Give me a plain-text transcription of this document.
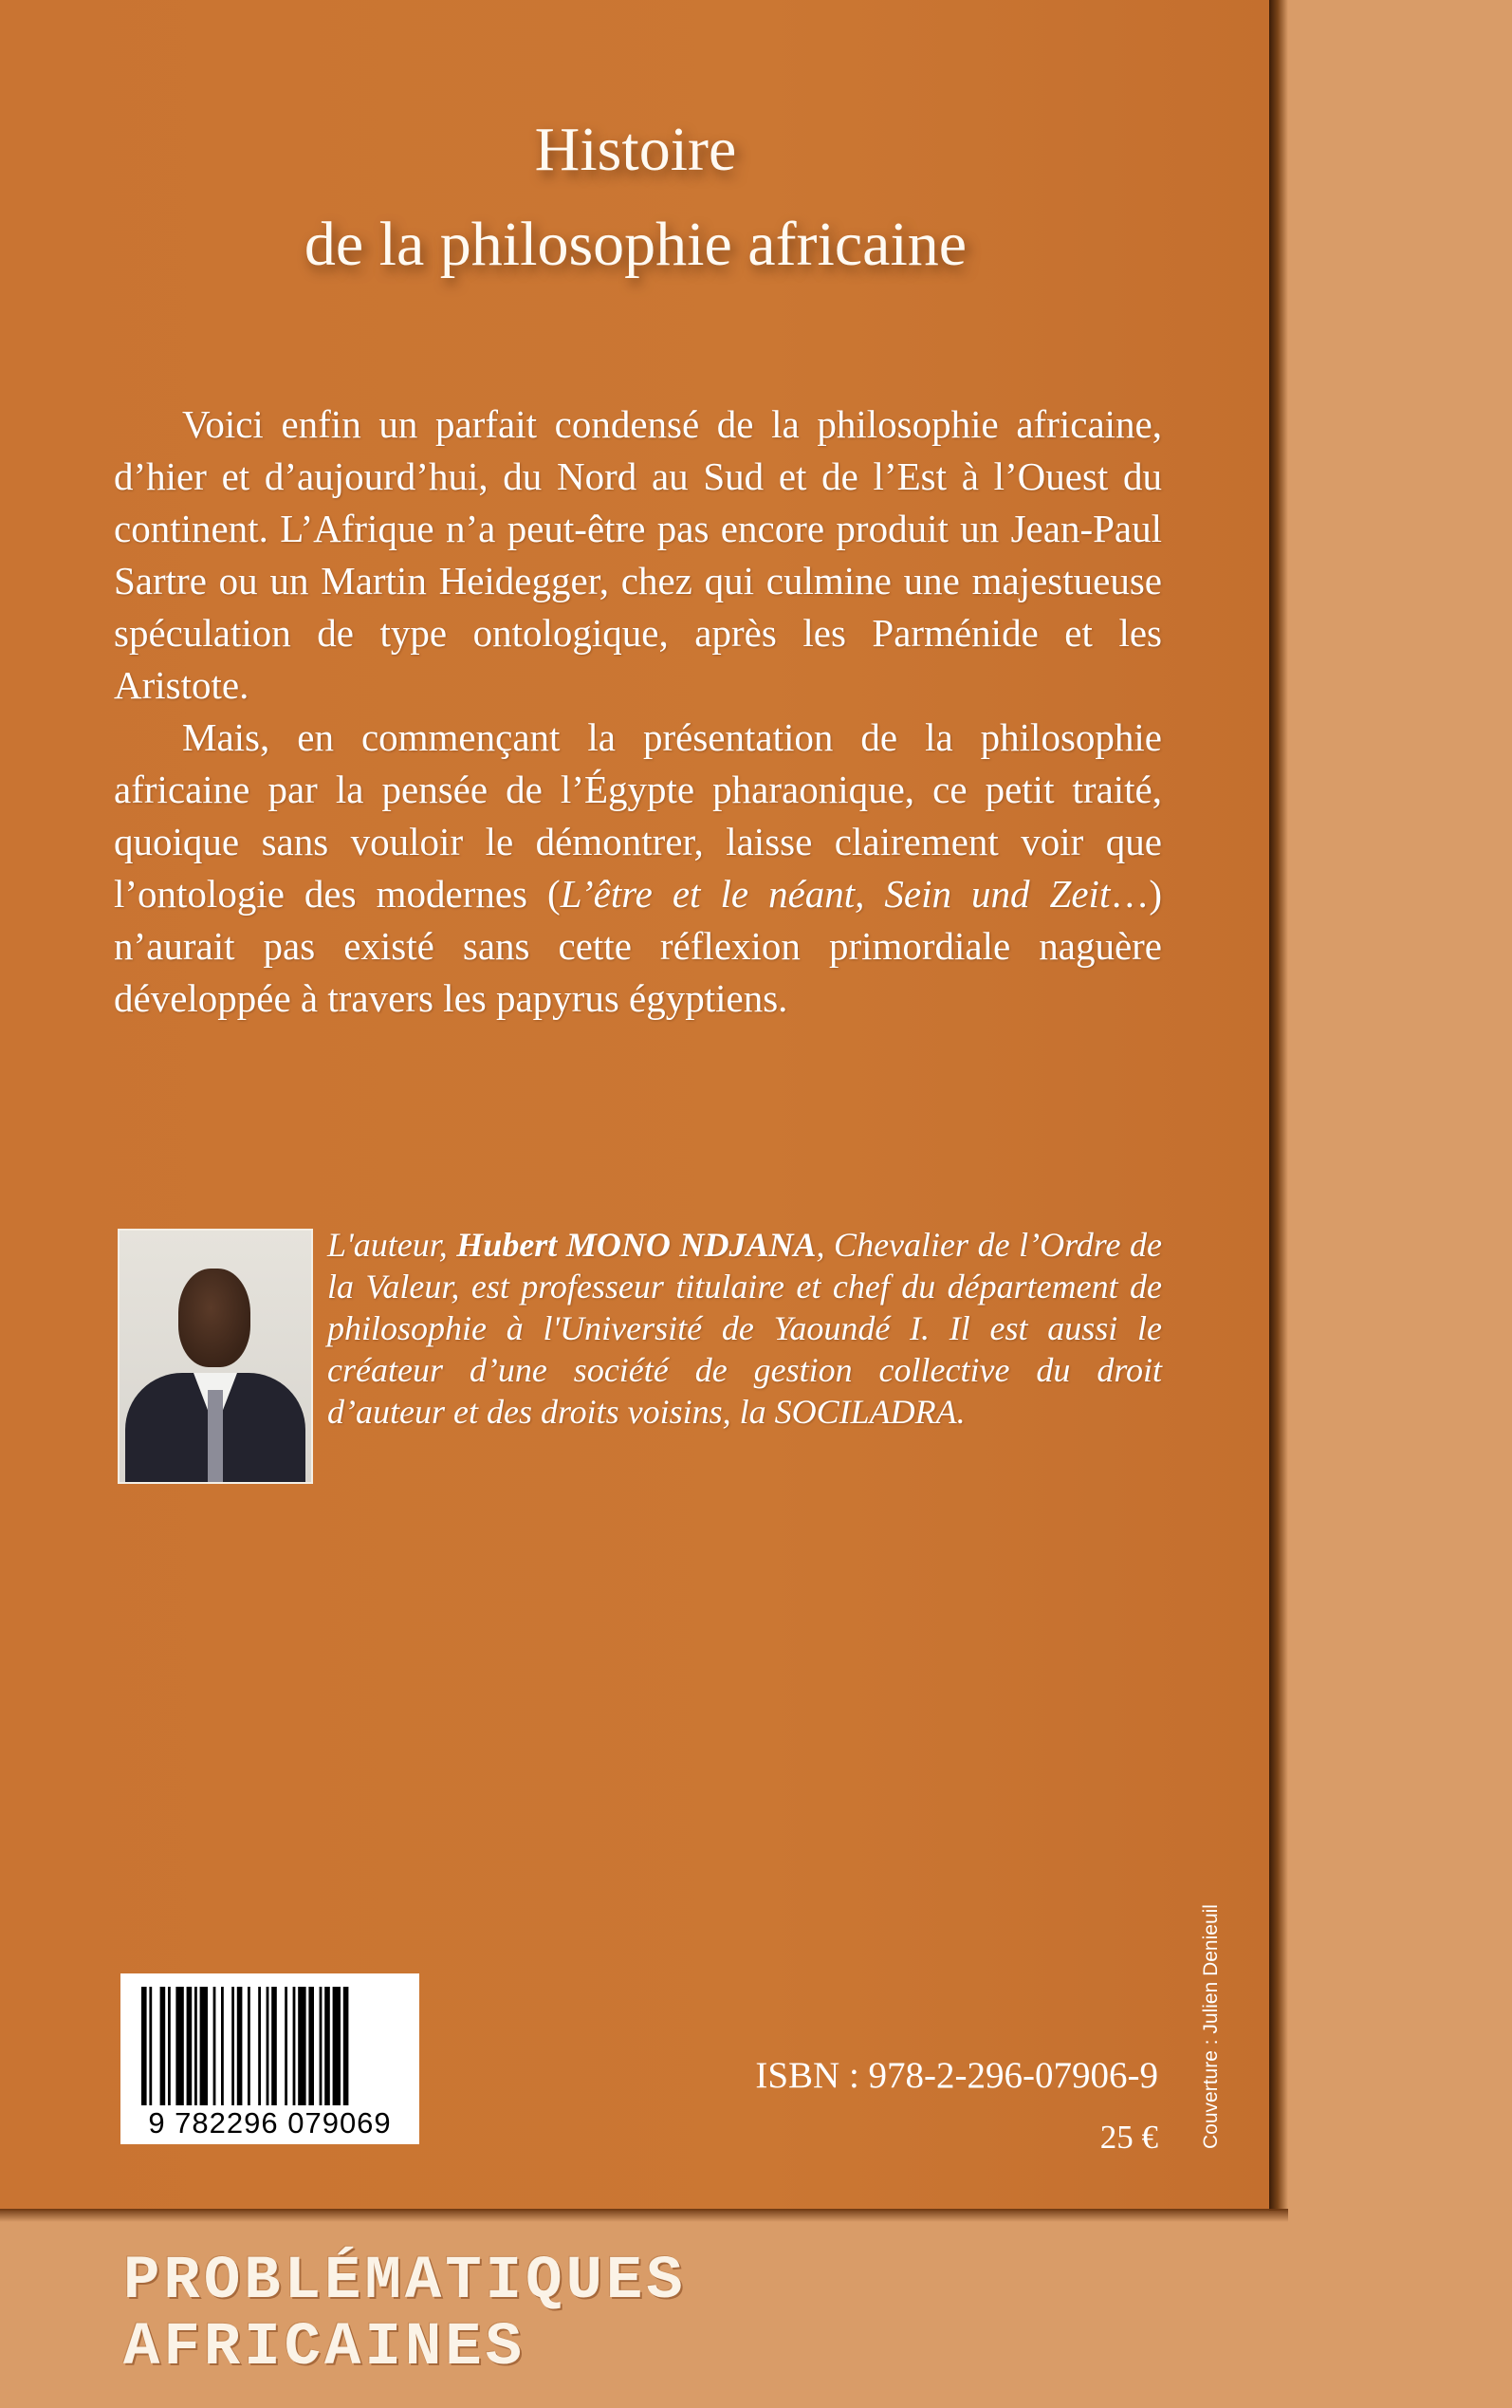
Histoire
de la philosophie africaine

Voici enfin un parfait condensé de la philosophie africaine, d’hier et d’aujourd’hui, du Nord au Sud et de l’Est à l’Ouest du continent. L’Afrique n’a peut-être pas encore produit un Jean-Paul Sartre ou un Martin Heidegger, chez qui culmine une majestueuse spéculation de type ontologique, après les Parménide et les Aristote.

Mais, en commençant la présentation de la philosophie africaine par la pensée de l’Égypte pharaonique, ce petit traité, quoique sans vouloir le démontrer, laisse clairement voir que l’ontologie des modernes (L’être et le néant, Sein und Zeit…) n’aurait pas existé sans cette réflexion primordiale naguère développée à travers les papyrus égyptiens.

L'auteur, Hubert MONO NDJANA, Chevalier de l’Ordre de la Valeur, est professeur titulaire et chef du département de philosophie à l'Université de Yaoundé I. Il est aussi le créateur d’une société de gestion collective du droit d’auteur et des droits voisins, la SOCILADRA.
9 782296 079069
ISBN : 978-2-296-07906-9
25 € Couverture : Julien Denieuil
PROBLÉMATIQUES
AFRICAINES
